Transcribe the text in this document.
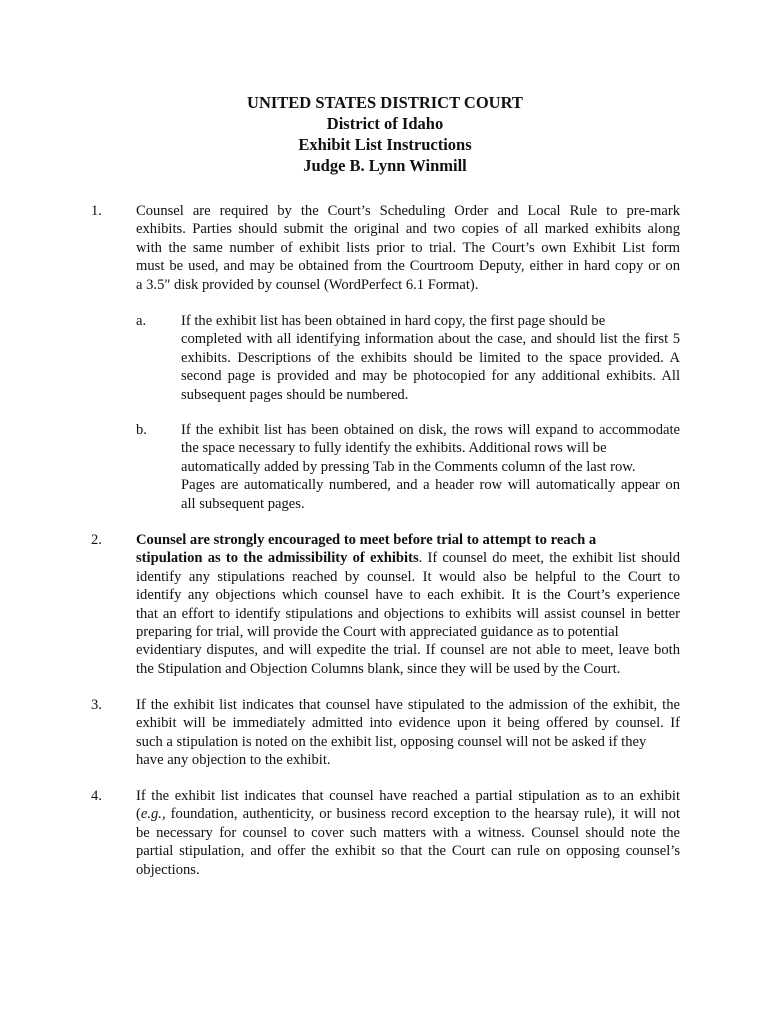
UNITED STATES DISTRICT COURT
District of Idaho
Exhibit List Instructions
Judge B. Lynn Winmill
1. Counsel are required by the Court’s Scheduling Order and Local Rule to pre-mark
exhibits. Parties should submit the original and two copies of all marked exhibits along
with the same number of exhibit lists prior to trial. The Court’s own Exhibit List form
must be used, and may be obtained from the Courtroom Deputy, either in hard copy or on
a 3.5" disk provided by counsel (WordPerfect 6.1 Format).
a. If the exhibit list has been obtained in hard copy, the first page should be
completed with all identifying information about the case, and should list the first 5
exhibits. Descriptions of the exhibits should be limited to the space provided. A
second page is provided and may be photocopied for any additional exhibits. All
subsequent pages should be numbered.
b. If the exhibit list has been obtained on disk, the rows will expand to accommodate
the space necessary to fully identify the exhibits. Additional rows will be
automatically added by pressing Tab in the Comments column of the last row.
Pages are automatically numbered, and a header row will automatically appear on
all subsequent pages.
2. Counsel are strongly encouraged to meet before trial to attempt to reach a
stipulation as to the admissibility of exhibits. If counsel do meet, the exhibit list should
identify any stipulations reached by counsel. It would also be helpful to the Court to
identify any objections which counsel have to each exhibit. It is the Court’s experience
that an effort to identify stipulations and objections to exhibits will assist counsel in better
preparing for trial, will provide the Court with appreciated guidance as to potential
evidentiary disputes, and will expedite the trial. If counsel are not able to meet, leave both
the Stipulation and Objection Columns blank, since they will be used by the Court.
3. If the exhibit list indicates that counsel have stipulated to the admission of the exhibit, the
exhibit will be immediately admitted into evidence upon it being offered by counsel. If
such a stipulation is noted on the exhibit list, opposing counsel will not be asked if they
have any objection to the exhibit.
4. If the exhibit list indicates that counsel have reached a partial stipulation as to an exhibit
(e.g., foundation, authenticity, or business record exception to the hearsay rule), it will not
be necessary for counsel to cover such matters with a witness. Counsel should note the
partial stipulation, and offer the exhibit so that the Court can rule on opposing counsel’s
objections.
